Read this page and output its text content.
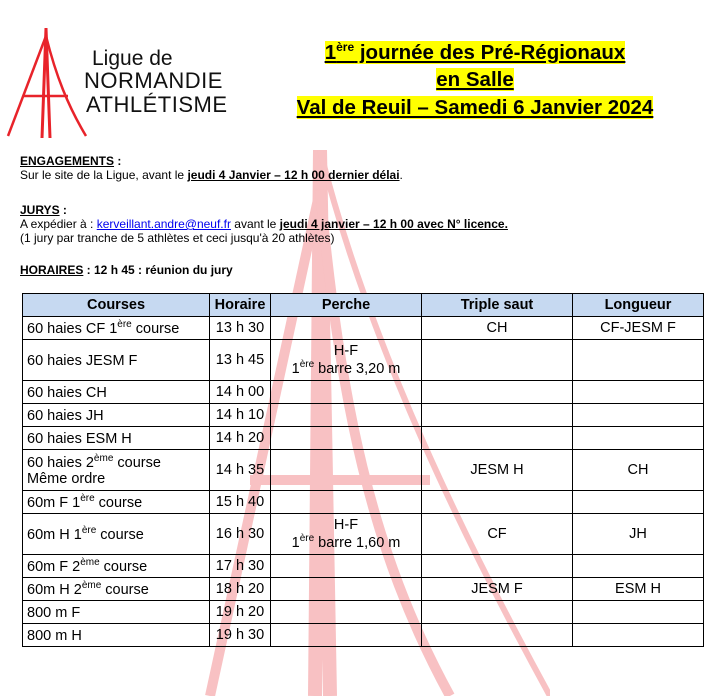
Ligue de
NORMANDIE
ATHLÉTISME
1ère journée des Pré-Régionaux
en Salle
Val de Reuil – Samedi 6 Janvier 2024
ENGAGEMENTS :
Sur le site de la Ligue, avant le jeudi 4 Janvier – 12 h 00 dernier délai.
JURYS :
A expédier à : kerveillant.andre@neuf.fr avant le jeudi 4 janvier – 12 h 00 avec N° licence.
(1 jury par tranche de 5 athlètes et ceci jusqu'à 20 athlètes)
HORAIRES : 12 h 45 : réunion du jury
Courses	Horaire	Perche	Triple saut	Longueur
60 haies CF 1ère course	13 h 30		CH	CF-JESM F
60 haies JESM F	13 h 45	H-F
1ère barre 3,20 m		
60 haies CH	14 h 00			
60 haies JH	14 h 10			
60 haies ESM H	14 h 20			
60 haies 2ème course
Même ordre	14 h 35		JESM H	CH
60m F 1ère course	15 h 40			
60m H 1ère course	16 h 30	H-F
1ère barre 1,60 m	CF	JH
60m F 2ème course	17 h 30			
60m H 2ème course	18 h 20		JESM F	ESM H
800 m F	19 h 20			
800 m H	19 h 30			
